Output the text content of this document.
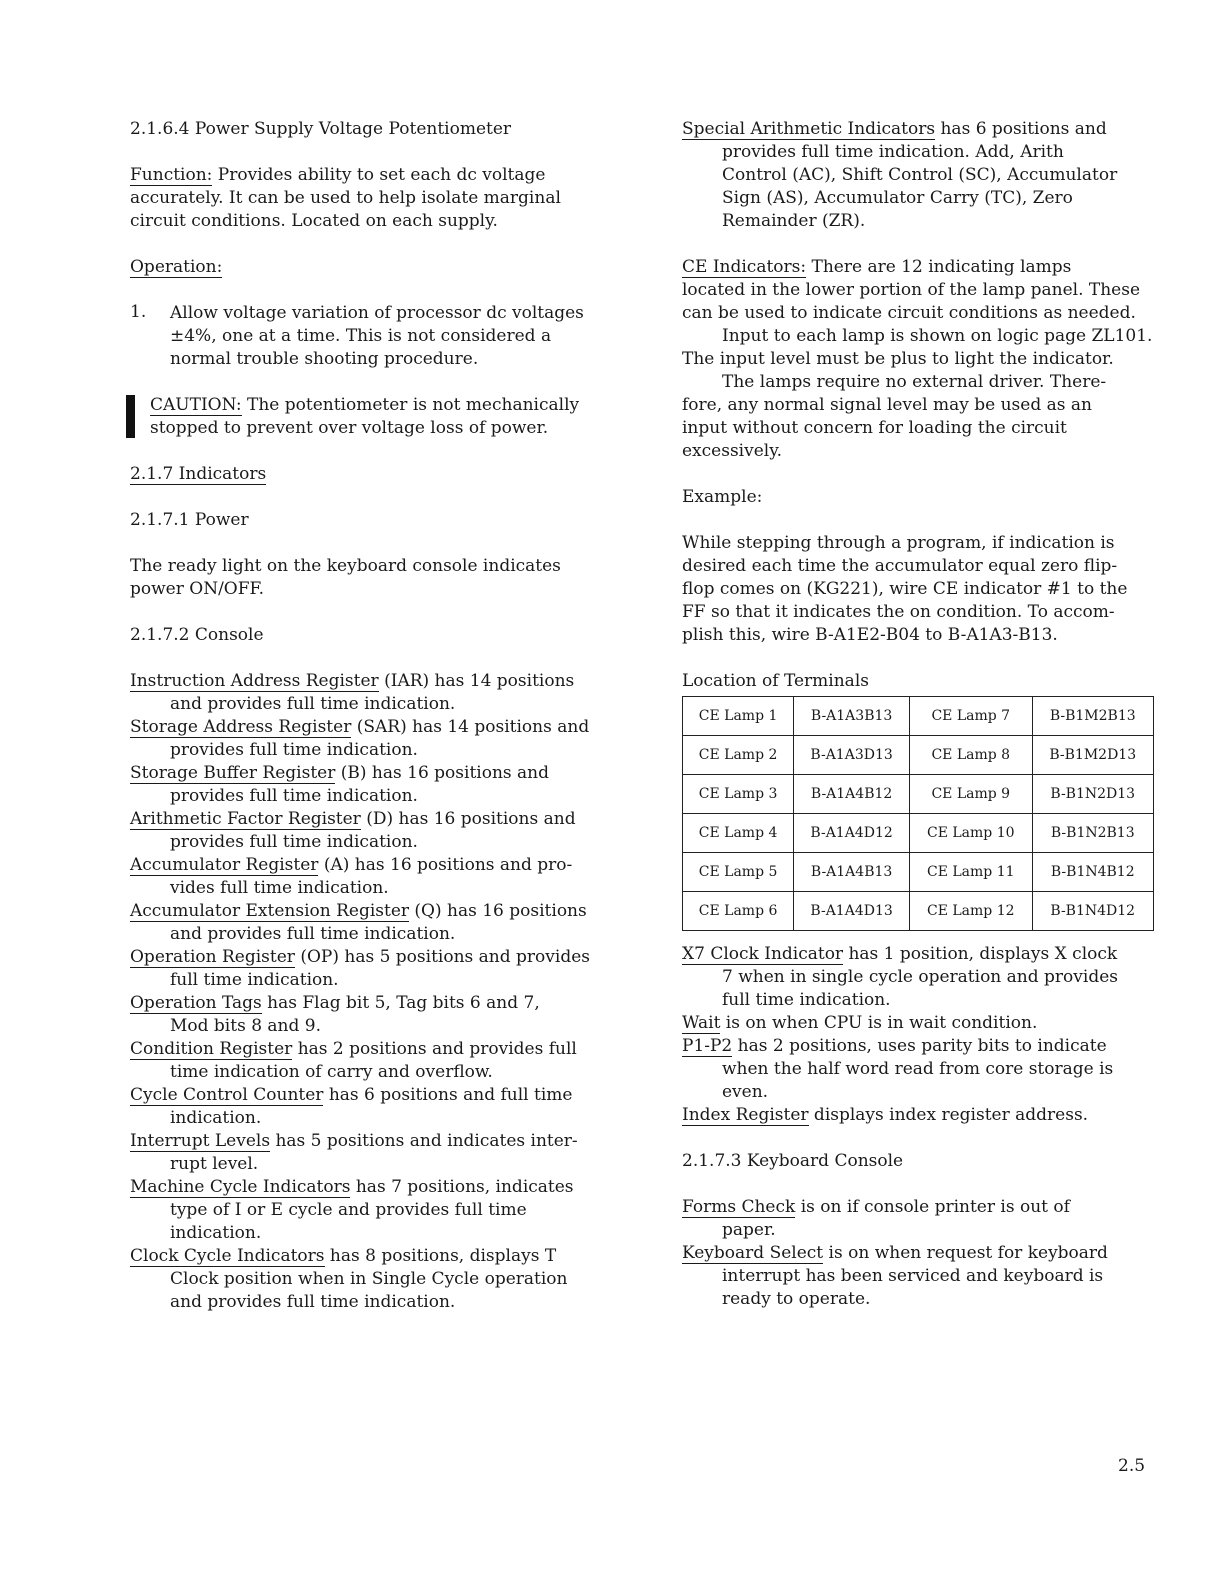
2.1.6.4 Power Supply Voltage Potentiometer

Function: Provides ability to set each dc voltage

accurately. It can be used to help isolate marginal

circuit conditions. Located on each supply.

Operation:

1.	Allow voltage variation of processor dc voltages

±4%, one at a time. This is not considered a

normal trouble shooting procedure.

CAUTION: The potentiometer is not mechanically

stopped to prevent over voltage loss of power.

2.1.7 Indicators

2.1.7.1 Power

The ready light on the keyboard console indicates

power ON/OFF.

2.1.7.2 Console

Instruction Address Register (IAR) has 14 positions

and provides full time indication.

Storage Address Register (SAR) has 14 positions and

provides full time indication.

Storage Buffer Register (B) has 16 positions and

provides full time indication.

Arithmetic Factor Register (D) has 16 positions and

provides full time indication.

Accumulator Register (A) has 16 positions and pro-

vides full time indication.

Accumulator Extension Register (Q) has 16 positions

and provides full time indication.

Operation Register (OP) has 5 positions and provides

full time indication.

Operation Tags has Flag bit 5, Tag bits 6 and 7,

Mod bits 8 and 9.

Condition Register has 2 positions and provides full

time indication of carry and overflow.

Cycle Control Counter has 6 positions and full time

indication.

Interrupt Levels has 5 positions and indicates inter-

rupt level.

Machine Cycle Indicators has 7 positions, indicates

type of I or E cycle and provides full time

indication.

Clock Cycle Indicators has 8 positions, displays T

Clock position when in Single Cycle operation

and provides full time indication.

Special Arithmetic Indicators has 6 positions and

provides full time indication. Add, Arith

Control (AC), Shift Control (SC), Accumulator

Sign (AS), Accumulator Carry (TC), Zero

Remainder (ZR).

CE Indicators: There are 12 indicating lamps

located in the lower portion of the lamp panel. These

can be used to indicate circuit conditions as needed.

Input to each lamp is shown on logic page ZL101.

The input level must be plus to light the indicator.

The lamps require no external driver. There-

fore, any normal signal level may be used as an

input without concern for loading the circuit

excessively.

Example:

While stepping through a program, if indication is

desired each time the accumulator equal zero flip-

flop comes on (KG221), wire CE indicator #1 to the

FF so that it indicates the on condition. To accom-

plish this, wire B-A1E2-B04 to B-A1A3-B13.

Location of Terminals

CE Lamp 1	B-A1A3B13	CE Lamp 7	B-B1M2B13
CE Lamp 2	B-A1A3D13	CE Lamp 8	B-B1M2D13
CE Lamp 3	B-A1A4B12	CE Lamp 9	B-B1N2D13
CE Lamp 4	B-A1A4D12	CE Lamp 10	B-B1N2B13
CE Lamp 5	B-A1A4B13	CE Lamp 11	B-B1N4B12
CE Lamp 6	B-A1A4D13	CE Lamp 12	B-B1N4D12

X7 Clock Indicator has 1 position, displays X clock

7 when in single cycle operation and provides

full time indication.

Wait is on when CPU is in wait condition.

P1-P2 has 2 positions, uses parity bits to indicate

when the half word read from core storage is

even.

Index Register displays index register address.

2.1.7.3 Keyboard Console

Forms Check is on if console printer is out of

paper.

Keyboard Select is on when request for keyboard

interrupt has been serviced and keyboard is

ready to operate.

2.5
